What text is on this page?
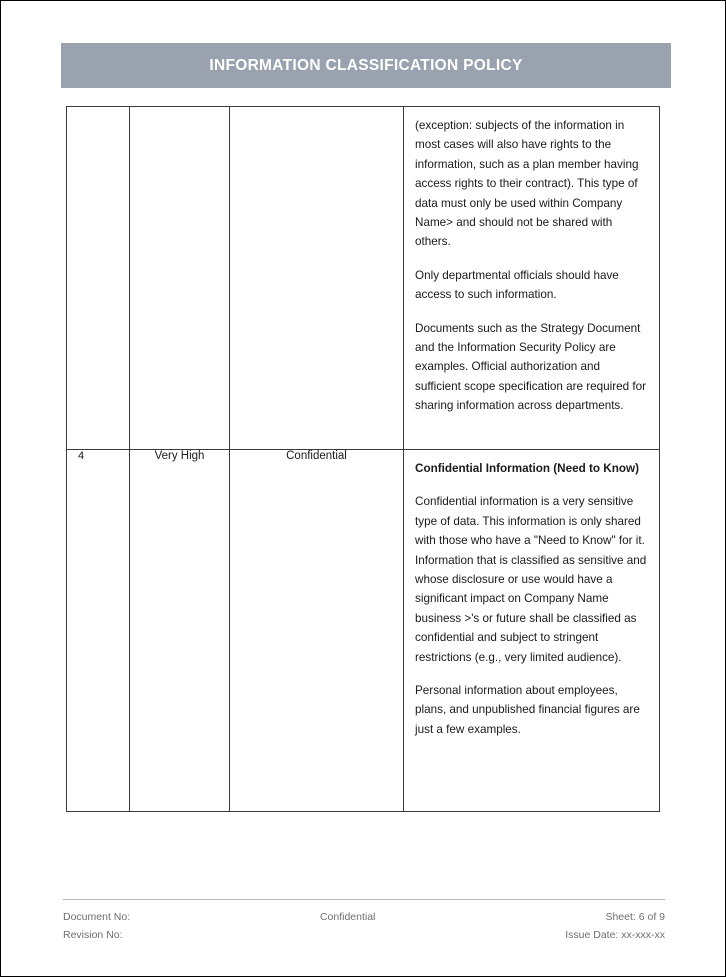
INFORMATION CLASSIFICATION POLICY

			(exception: subjects of the information in most cases will also have rights to the information, such as a plan member having access rights to their contract). This type of data must only be used within Company Name> and should not be shared with others.

Only departmental officials should have access to such information.

Documents such as the Strategy Document and the Information Security Policy are examples. Official authorization and sufficient scope specification are required for sharing information across departments.

4	Very High	Confidential	Confidential Information (Need to Know)

Confidential information is a very sensitive type of data. This information is only shared with those who have a "Need to Know" for it. Information that is classified as sensitive and whose disclosure or use would have a significant impact on Company Name business >'s or future shall be classified as confidential and subject to stringent restrictions (e.g., very limited audience).

Personal information about employees, plans, and unpublished financial figures are just a few examples.

Document No:
Revision No:
Confidential	Sheet: 6 of 9
Issue Date: xx-xxx-xx
